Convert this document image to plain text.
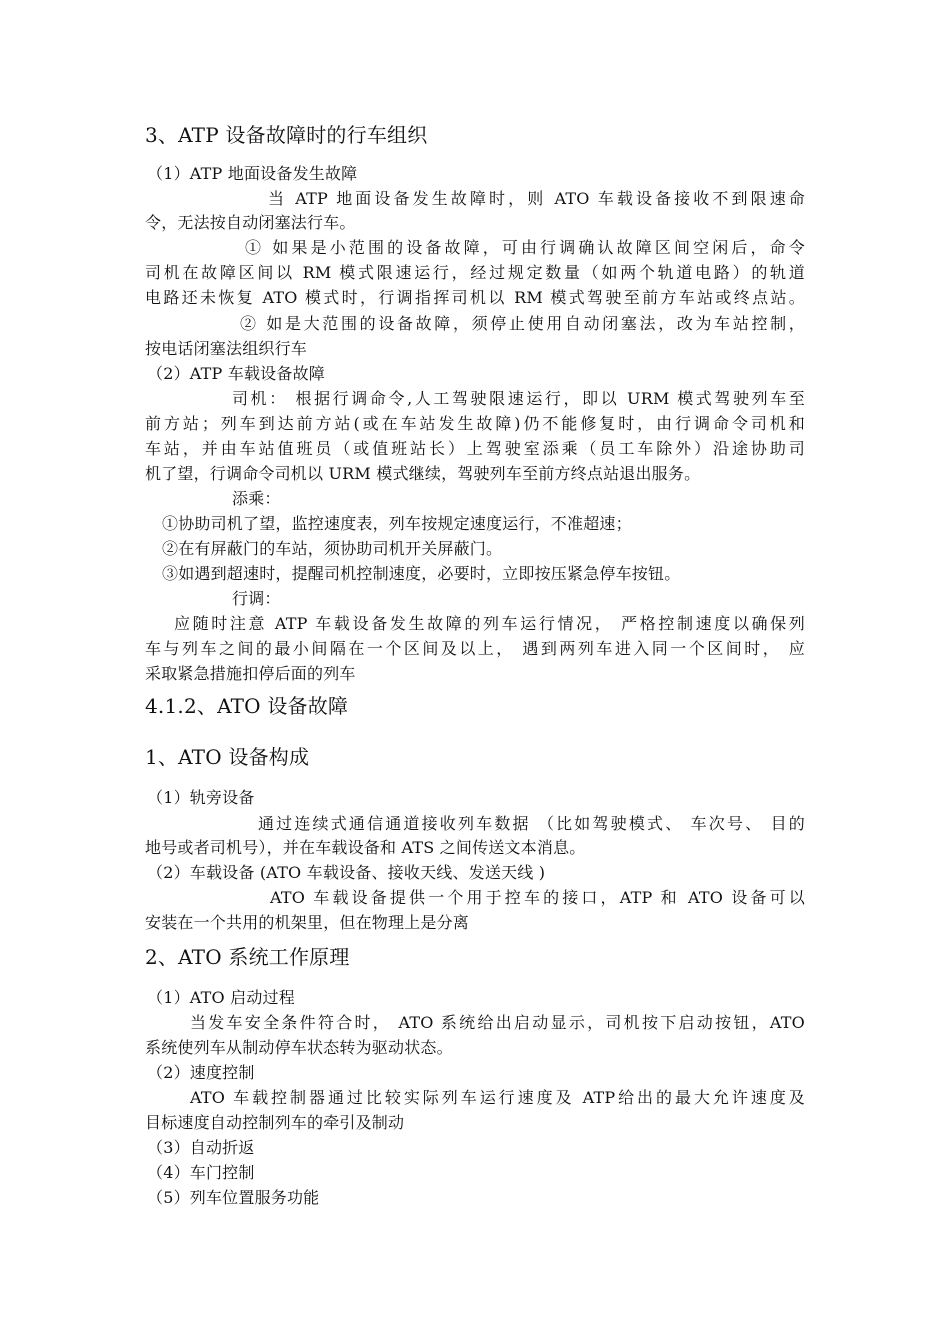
3、ATP 设备故障时的行车组织
（1）ATP 地面设备发生故障
当 ATP 地面设备发生故障时，则 ATO 车载设备接收不到限速命
令，无法按自动闭塞法行车。
① 如果是小范围的设备故障，可由行调确认故障区间空闲后，命令
司机在故障区间以 RM 模式限速运行，经过规定数量（如两个轨道电路）的轨道
电路还未恢复 ATO 模式时，行调指挥司机以 RM 模式驾驶至前方车站或终点站。
② 如是大范围的设备故障，须停止使用自动闭塞法，改为车站控制，
按电话闭塞法组织行车
（2）ATP 车载设备故障
司机： 根据行调命令,人工驾驶限速运行，即以 URM 模式驾驶列车至
前方站；列车到达前方站(或在车站发生故障)仍不能修复时，由行调命令司机和
车站，并由车站值班员（或值班站长）上驾驶室添乘（员工车除外）沿途协助司
机了望，行调命令司机以 URM 模式继续，驾驶列车至前方终点站退出服务。
添乘：
①协助司机了望，监控速度表，列车按规定速度运行，不准超速；
②在有屏蔽门的车站，须协助司机开关屏蔽门。
③如遇到超速时，提醒司机控制速度，必要时，立即按压紧急停车按钮。
行调：
应随时注意 ATP 车载设备发生故障的列车运行情况， 严格控制速度以确保列
车与列车之间的最小间隔在一个区间及以上， 遇到两列车进入同一个区间时， 应
采取紧急措施扣停后面的列车
4.1.2、ATO 设备故障
1、ATO 设备构成
（1）轨旁设备
通过连续式通信通道接收列车数据 （比如驾驶模式、 车次号、 目的
地号或者司机号），并在车载设备和 ATS 之间传送文本消息。
（2）车载设备 (ATO 车载设备、接收天线、发送天线 )
ATO 车载设备提供一个用于控车的接口，ATP 和 ATO 设备可以
安装在一个共用的机架里，但在物理上是分离
2、ATO 系统工作原理
（1）ATO 启动过程
当发车安全条件符合时， ATO 系统给出启动显示，司机按下启动按钮，ATO
系统使列车从制动停车状态转为驱动状态。
（2）速度控制
ATO 车载控制器通过比较实际列车运行速度及 ATP给出的最大允许速度及
目标速度自动控制列车的牵引及制动
（3）自动折返
（4）车门控制
（5）列车位置服务功能
